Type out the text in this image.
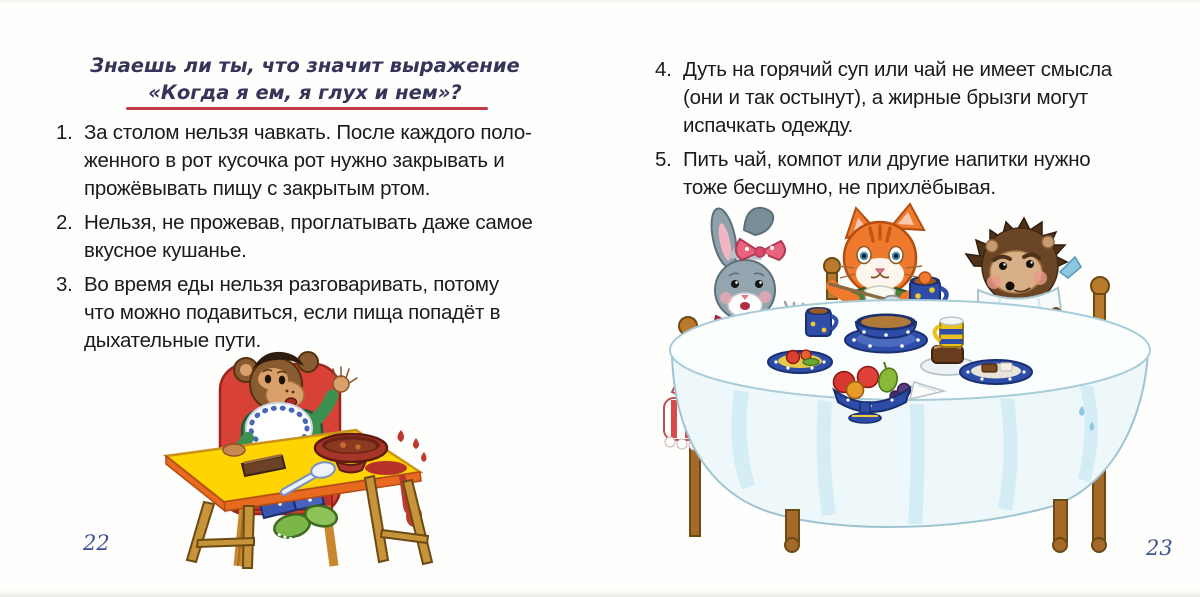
Знаешь ли ты, что значит выражение
«Когда я ем, я глух и нем»?
1. За столом нельзя чавкать. После каждого поло-
женного в рот кусочка рот нужно закрывать и
прожёвывать пищу с закрытым ртом.
2. Нельзя, не прожевав, проглатывать даже самое
вкусное кушанье.
3. Во время еды нельзя разговаривать, потому
что можно подавиться, если пища попадёт в
дыхательные пути.
22
4. Дуть на горячий суп или чай не имеет смысла
(они и так остынут), а жирные брызги могут
испачкать одежду.
5. Пить чай, компот или другие напитки нужно
тоже бесшумно, не прихлёбывая.
23
